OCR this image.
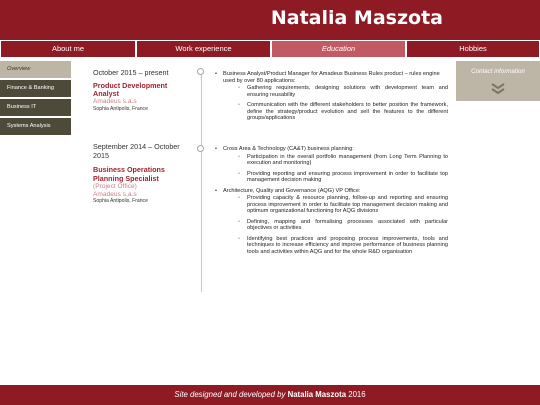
Natalia Maszota
About me	Work experience	Education	Hobbies
Overview
Finance & Banking
Business IT
Systems Analysis
Contact information
October 2015 – present
Product Development Analyst
Amadeus s.a.s
Sophia Antipolis, France
September 2014 – October 2015
Business Operations Planning Specialist
(Project Office)
Amadeus s.a.s
Sophia Antipolis, France
• Business Analyst/Product Manager for Amadeus Business Rules product – rules engine used by over 80 applications:
◦ Gathering requirements, designing solutions with development team and ensuring reusability
◦ Communication with the different stakeholders to better position the framework, define the strategy/product evolution and sell the features to the different groups/applications
• Cross Area & Technology (CA&T) business planning:
◦ Participation in the overall portfolio management (from Long Term Planning to execution and monitoring)
◦ Providing reporting and ensuring process improvement in order to facilitate top management decision making
• Architecture, Quality and Governance (AQG) VP Office:
◦ Providing capacity & resource planning, follow-up and reporting and ensuring process improvement in order to facilitate top management decision making and optimum organizational functioning for AQG divisions
◦ Defining, mapping and formalising processes associated with particular objectives or activities
◦ Identifying best practices and proposing process improvements, tools and techniques to increase efficiency and improve performance of business planning tools and activities within AQG and for the whole R&D organisation
Site designed and developed by Natalia Maszota 2016
